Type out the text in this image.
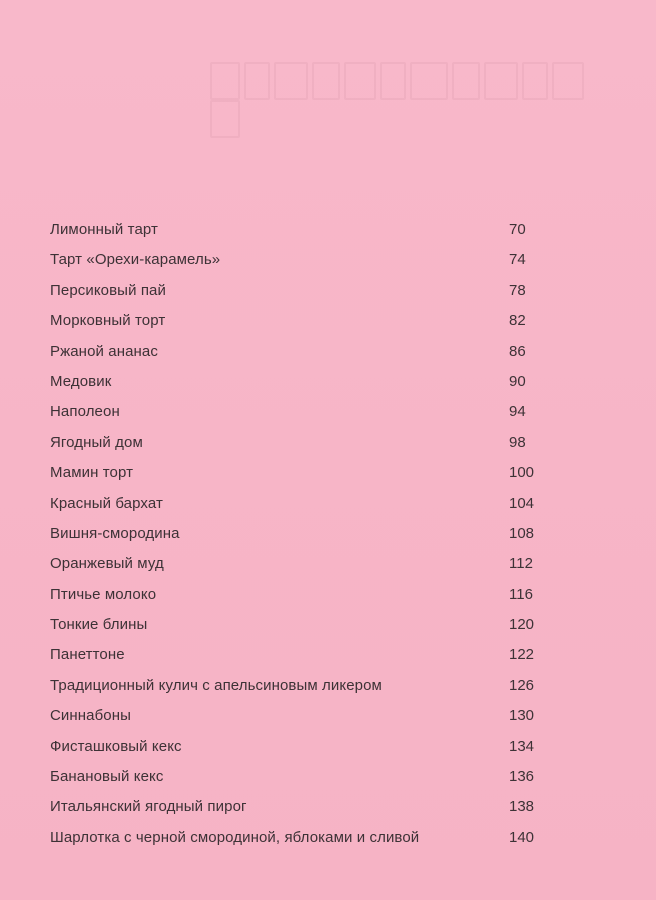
Лимонный тарт	70
Тарт «Орехи-карамель»	74
Персиковый пай	78
Морковный торт	82
Ржаной ананас	86
Медовик	90
Наполеон	94
Ягодный дом	98
Мамин торт	100
Красный бархат	104
Вишня-смородина	108
Оранжевый муд	112
Птичье молоко	116
Тонкие блины	120
Панеттоне	122
Традиционный кулич с апельсиновым ликером	126
Синнабоны	130
Фисташковый кекс	134
Банановый кекс	136
Итальянский ягодный пирог	138
Шарлотка с черной смородиной, яблоками и сливой	140
